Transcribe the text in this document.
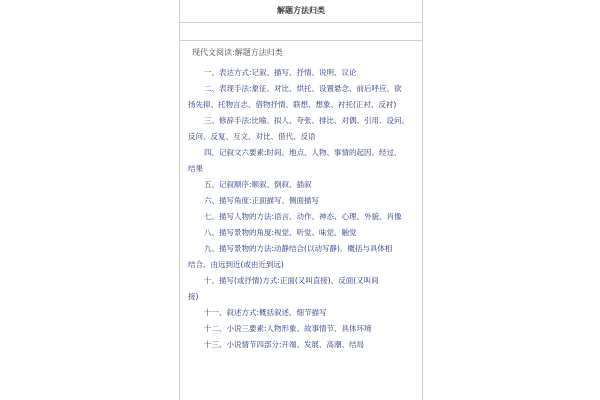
解题方法归类
现代文阅读:解题方法归类
一、表达方式:记叙、描写、抒情、说明、议论
二、表现手法:象征、对比、烘托、设置悬念、前后呼应、欲
扬先抑、托物言志、借物抒情、联想、想象、衬托(正衬、反衬)
三、修辞手法:比喻、拟人、夸张、排比、对偶、引用、设问、
反问、反复、互文、对比、借代、反语
四、记叙文六要素:时间、地点、人物、事情的起因、经过、
结果
五、记叙顺序:顺叙、倒叙、插叙
六、描写角度:正面描写、侧面描写
七、描写人物的方法:语言、动作、神态、心理、外貌、肖像
八、描写景物的角度:视觉、听觉、味觉、触觉
九、描写景物的方法:动静结合(以动写静)、概括与具体相
结合、由远到近(或由近到远)
十、描写(或抒情)方式:正面(又叫直接)、反面(又叫间
接)
十一、叙述方式:概括叙述、细节描写
十二、小说三要素:人物形象、故事情节、具体环境
十三、小说情节四部分:开端、发展、高潮、结局
